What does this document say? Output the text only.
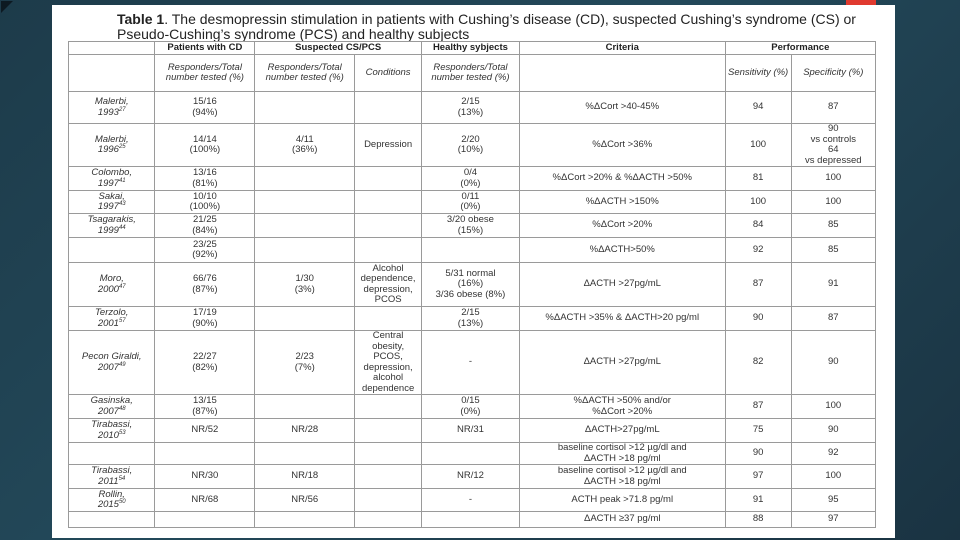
Table 1. The desmopressin stimulation in patients with Cushing’s disease (CD), suspected Cushing’s syndrome (CS) or Pseudo-Cushing’s syndrome (PCS) and healthy subjects
	Patients with CD	Suspected CS/PCS		Healthy sybjects	Criteria	Performance	
	Responders/Total number tested (%)	Responders/Total number tested (%)	Conditions	Responders/Total number tested (%)		Sensitivity (%)	Specificity (%)

Malerbi,
1993$^{27}$	15/16
(94%)			2/15
(13%)	%ΔCort >40-45%	94	87

Malerbi,
1996$^{25}$	14/14
(100%)	4/11
(36%)	Depression	2/20
(10%)	%ΔCort >36%	100	90
vs controls
64
vs depressed

Colombo,
1997$^{41}$	13/16
(81%)			0/4
(0%)	%ΔCort >20% & %ΔACTH >50%	81	100

Sakai,
1997$^{43}$	10/10
(100%)			0/11
(0%)	%ΔACTH >150%	100	100

Tsagarakis,
1999$^{44}$	21/25
(84%)			3/20 obese
(15%)	%ΔCort >20%	84	85

	23/25
(92%)				%ΔACTH>50%	92	85

Moro,
2000$^{47}$	66/76
(87%)	1/30
(3%)	Alcohol
dependence,
depression,
PCOS	5/31 normal
(16%)
3/36 obese (8%)	ΔACTH >27pg/mL	87	91

Terzolo,
2001$^{57}$	17/19
(90%)			2/15
(13%)	%ΔACTH >35% & ΔACTH>20 pg/ml	90	87

Pecon Giraldi,
2007$^{49}$	22/27
(82%)	2/23
(7%)	Central obesity,
PCOS,
depression,
alcohol
dependence	-	ΔACTH >27pg/mL	82	90

Gasinska,
2007$^{48}$	13/15
(87%)			0/15
(0%)	%ΔACTH >50% and/or
%ΔCort >20%	87	100

Tirabassi,
2010$^{53}$	NR/52	NR/28		NR/31	ΔACTH>27pg/mL	75	90

					baseline cortisol >12 µg/dl and
ΔACTH >18 pg/ml	90	92

Tirabassi,
2011$^{54}$	NR/30	NR/18		NR/12	baseline cortisol >12 µg/dl and
ΔACTH >18 pg/ml	97	100

Rollin,
2015$^{50}$	NR/68	NR/56		-	ACTH peak >71.8 pg/ml	91	95

					ΔACTH ≥37 pg/ml	88	97
